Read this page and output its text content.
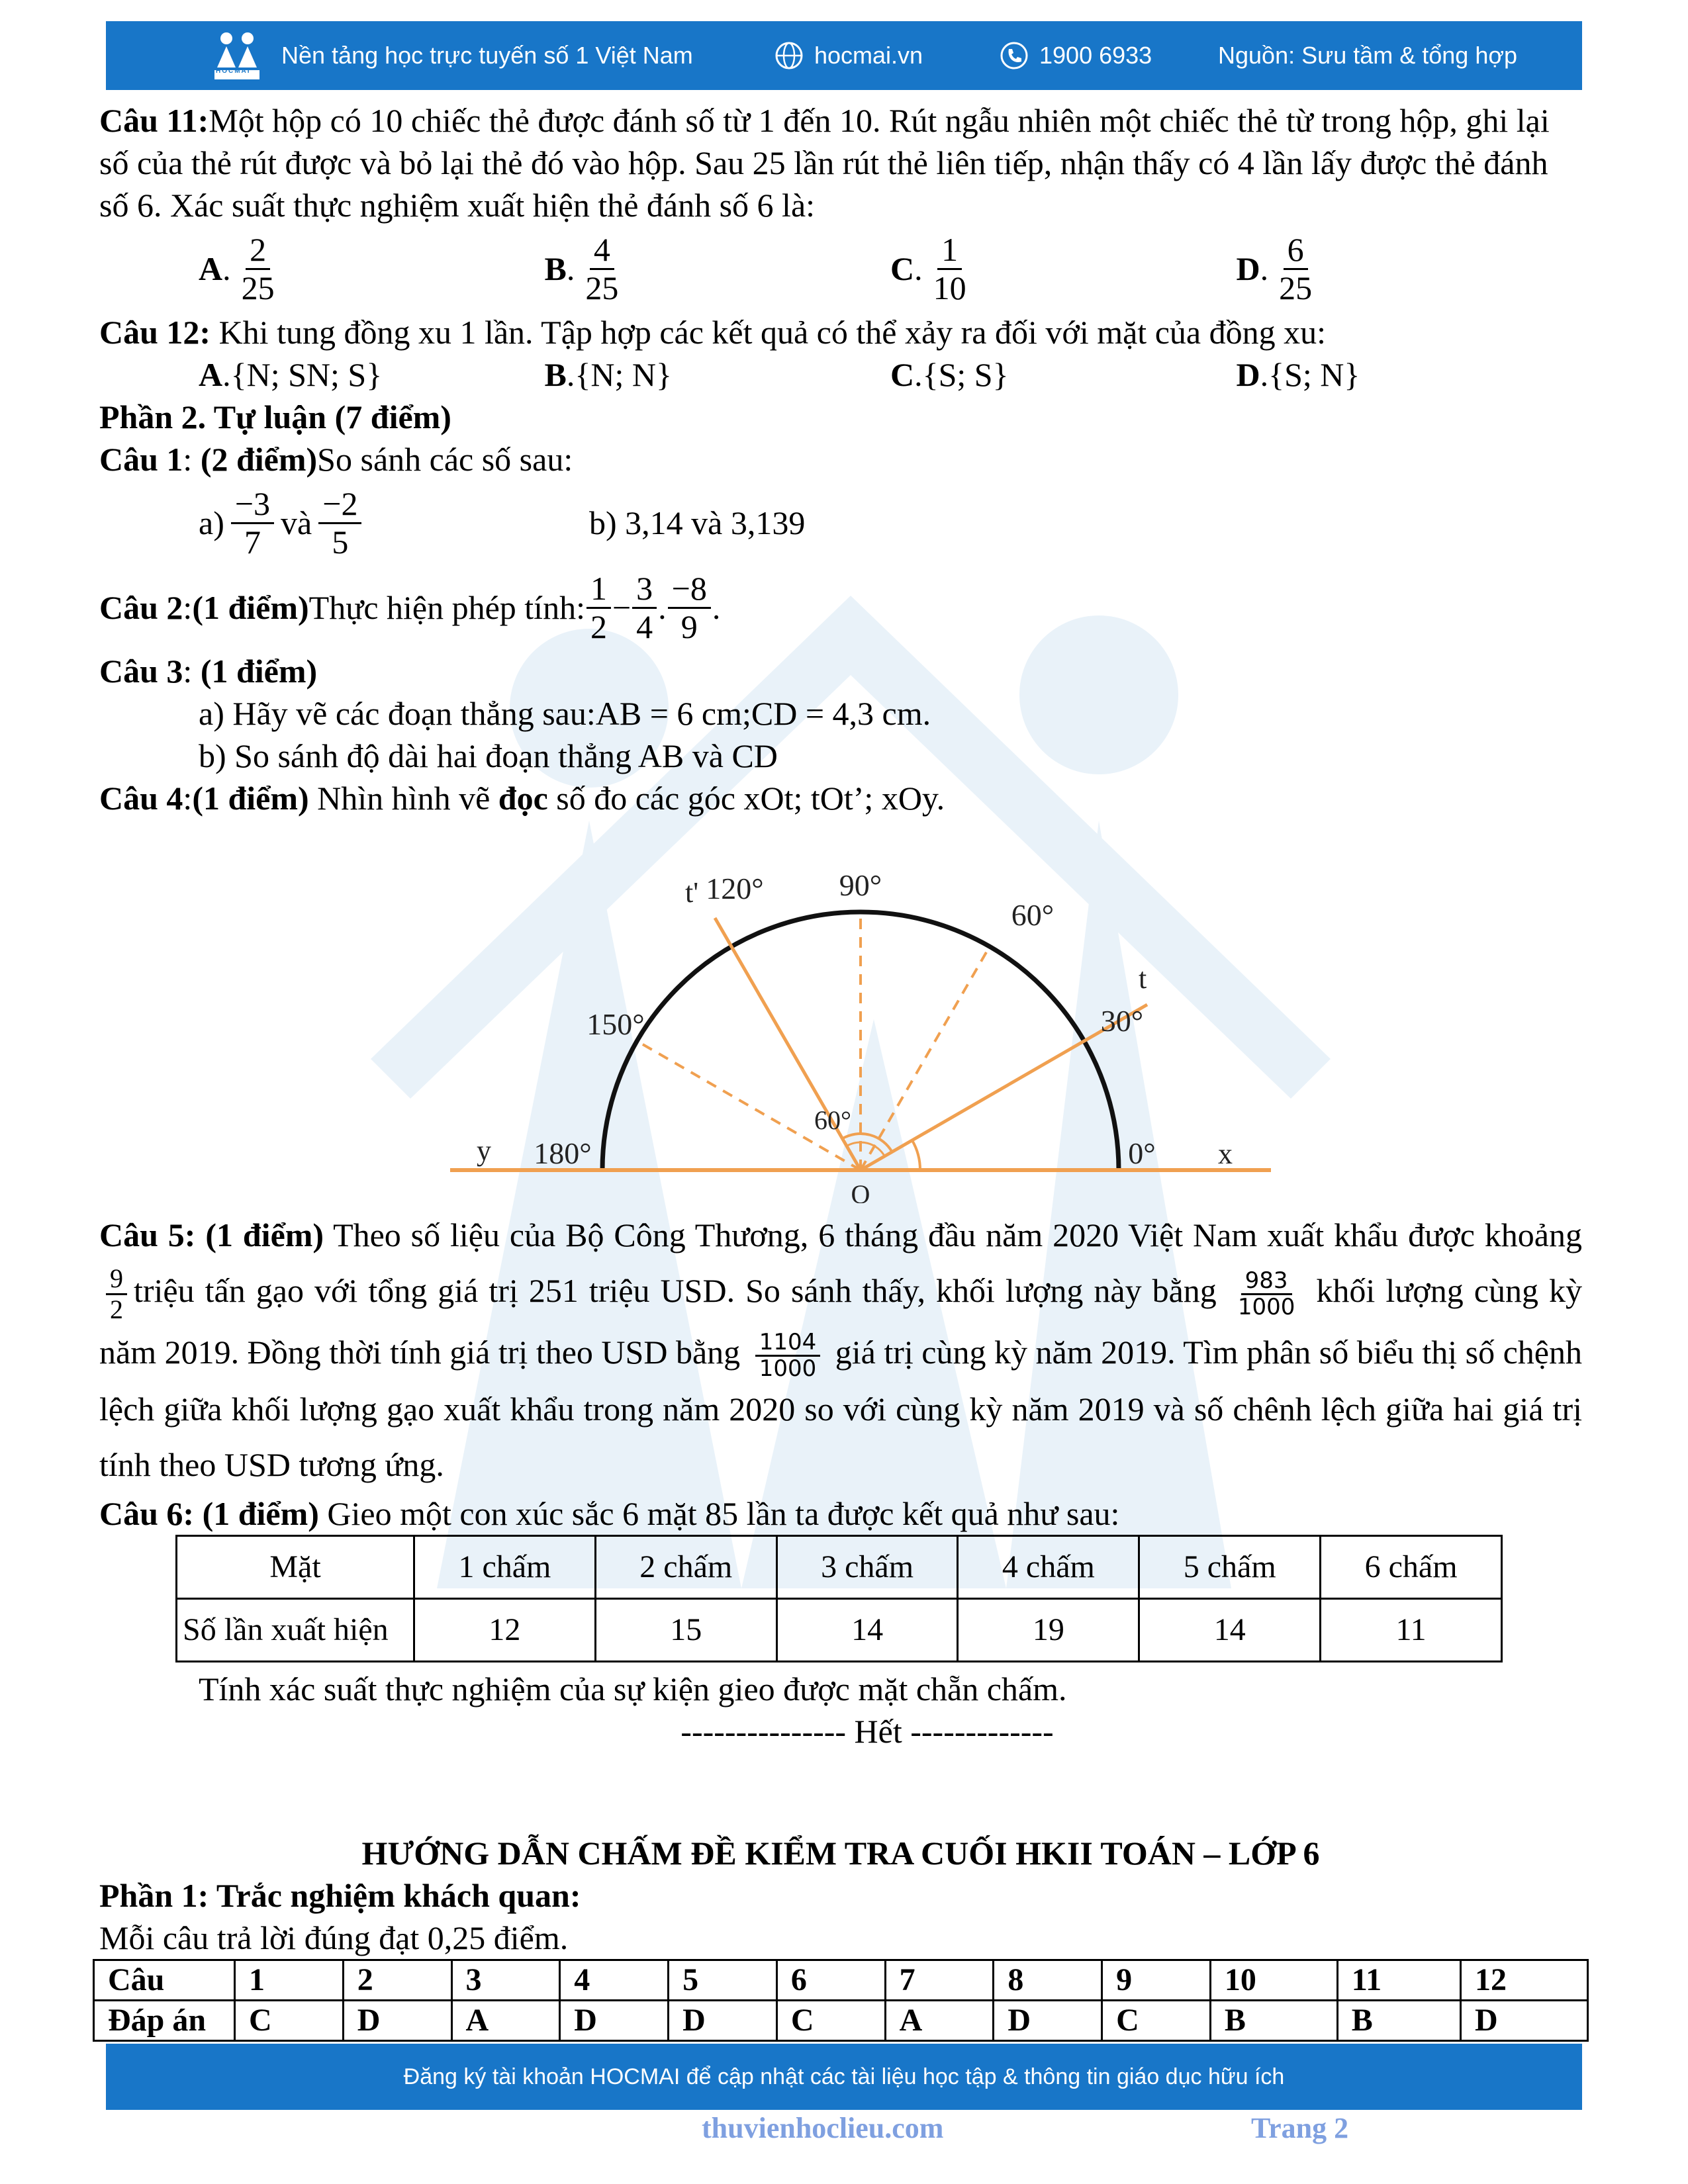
HOCMAI
Nền tảng học trực tuyến số 1 Việt Nam	hocmai.vn	1900 6933	Nguồn: Sưu tầm & tổng hợp

Câu 11:Một hộp có 10 chiếc thẻ được đánh số từ 1 đến 10. Rút ngẫu nhiên một chiếc thẻ từ trong hộp, ghi lại số của thẻ rút được và bỏ lại thẻ đó vào hộp. Sau 25 lần rút thẻ liên tiếp, nhận thấy có 4 lần lấy được thẻ đánh số 6. Xác suất thực nghiệm xuất hiện thẻ đánh số 6 là:

A . $\frac{2}{25}$	B . $\frac{4}{25}$	C . $\frac{1}{10}$	D . $\frac{6}{25}$

Câu 12: Khi tung đồng xu 1 lần. Tập hợp các kết quả có thể xảy ra đối với mặt của đồng xu:

A.{N; SN; S}	B.{N; N}	C.{S; S}	D.{S; N}

Phần 2. Tự luận (7 điểm)

Câu 1: (2 điểm)So sánh các số sau:

$a) \frac{-3}{7}$ và $\frac{-2}{5}$	b) 3,14 và 3,139
Câu 2 : (1 điểm) Thực hiện phép tính: $\frac{1}{2} - \frac{3}{4}$ . $\frac{-8}{9}$ .

Câu 3: (1 điểm)

a) Hãy vẽ các đoạn thẳng sau:AB = 6 cm;CD = 4,3 cm.

b) So sánh độ dài hai đoạn thẳng AB và CD

Câu 4:(1 điểm) Nhìn hình vẽ đọc số đo các góc xOt; tOt’; xOy.

0°
30°
60°
90°
120°
150°
180°
60°
x
y
t
t'
O

Câu 5: (1 điểm) Theo số liệu của Bộ Công Thương, 6 tháng đầu năm 2020 Việt Nam xuất khẩu được khoảng
$\frac{9}{2}$ triệu tấn gạo với tổng giá trị 251 triệu USD. So sánh thấy, khối lượng này bằng $\frac{983}{1000}$ khối lượng cùng kỳ năm 2019. Đồng thời tính giá trị theo USD bằng $\frac{1104}{1000}$ giá trị cùng kỳ năm 2019. Tìm phân số biểu thị số chệnh lệch giữa khối lượng gạo xuất khẩu trong năm 2020 so với cùng kỳ năm 2019 và số chênh lệch giữa hai giá trị tính theo USD tương ứng.

Câu 6: (1 điểm) Gieo một con xúc sắc 6 mặt 85 lần ta được kết quả như sau:

Mặt	1 chấm	2 chấm	3 chấm	4 chấm	5 chấm	6 chấm
Số lần xuất hiện	12	15	14	19	14	11

Tính xác suất thực nghiệm của sự kiện gieo được mặt chẵn chấm.

--------------- Hết -------------

HƯỚNG DẪN CHẤM ĐỀ KIỂM TRA CUỐI HKII TOÁN – LỚP 6

Phần 1: Trắc nghiệm khách quan:

Mỗi câu trả lời đúng đạt 0,25 điểm.

Câu	1	2	3	4	5	6	7	8	9	10	11	12
Đáp án	C	D	A	D	D	C	A	D	C	B	B	D
thuvienhoclieu.com	Trang 2
Đăng ký tài khoản HOCMAI để cập nhật các tài liệu học tập & thông tin giáo dục hữu ích
